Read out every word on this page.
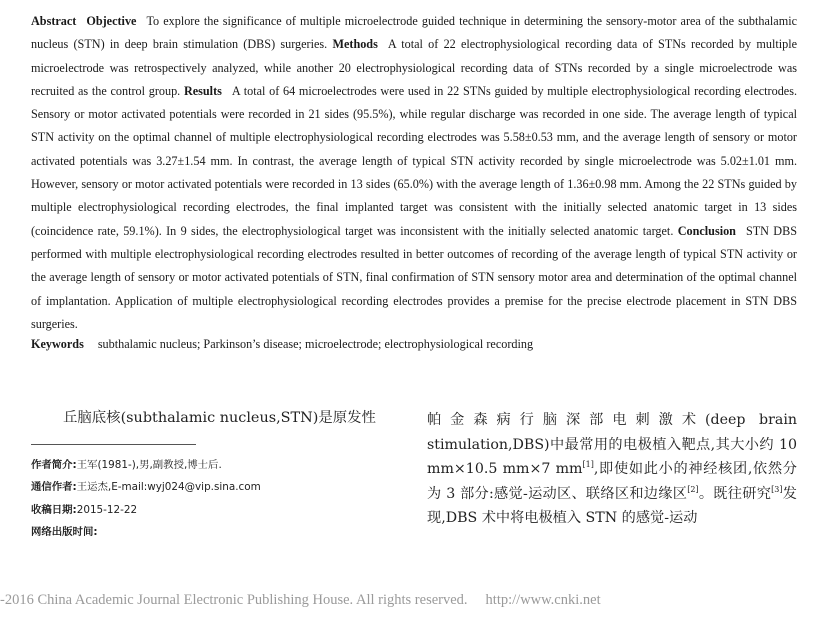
Abstract Objective To explore the significance of multiple microelectrode guided technique in determining the sensory-motor area of the subthalamic nucleus (STN) in deep brain stimulation (DBS) surgeries. Methods A total of 22 electrophysiological recording data of STNs recorded by multiple microelectrode was retrospectively analyzed, while another 20 electrophysiological recording data of STNs recorded by a single microelectrode was recruited as the control group. Results A total of 64 microelectrodes were used in 22 STNs guided by multiple electrophysiological recording electrodes. Sensory or motor activated potentials were recorded in 21 sides (95.5%), while regular discharge was recorded in one side. The average length of typical STN activity on the optimal channel of multiple electrophysiological recording electrodes was 5.58±0.53 mm, and the average length of sensory or motor activated potentials was 3.27±1.54 mm. In contrast, the average length of typical STN activity recorded by single microelectrode was 5.02±1.01 mm. However, sensory or motor activated potentials were recorded in 13 sides (65.0%) with the average length of 1.36±0.98 mm. Among the 22 STNs guided by multiple electrophysiological recording electrodes, the final implanted target was consistent with the initially selected anatomic target in 13 sides (coincidence rate, 59.1%). In 9 sides, the electrophysiological target was inconsistent with the initially selected anatomic target. Conclusion STN DBS performed with multiple electrophysiological recording electrodes resulted in better outcomes of recording of the average length of typical STN activity or the average length of sensory or motor activated potentials of STN, final confirmation of STN sensory motor area and determination of the optimal channel of implantation. Application of multiple electrophysiological recording electrodes provides a premise for the precise electrode placement in STN DBS surgeries.
Keywords subthalamic nucleus; Parkinson’s disease; microelectrode; electrophysiological recording
丘脑底核(subthalamic nucleus,STN)是原发性
作者简介:王军(1981-),男,副教授,博士后.
通信作者:王运杰,E-mail:wyj024@vip.sina.com
收稿日期:2015-12-22
网络出版时间:

帕金森病行脑深部电刺激术(deep brain stimulation,DBS)中最常用的电极植入靶点,其大小约 10 mm×10.5 mm×7 mm[1],即使如此小的神经核团,依然分为 3 部分:感觉-运动区、联络区和边缘区[2]。既往研究[3]发现,DBS 术中将电极植入 STN 的感觉-运动

-2016 China Academic Journal Electronic Publishing House. All rights reserved. http://www.cnki.net
